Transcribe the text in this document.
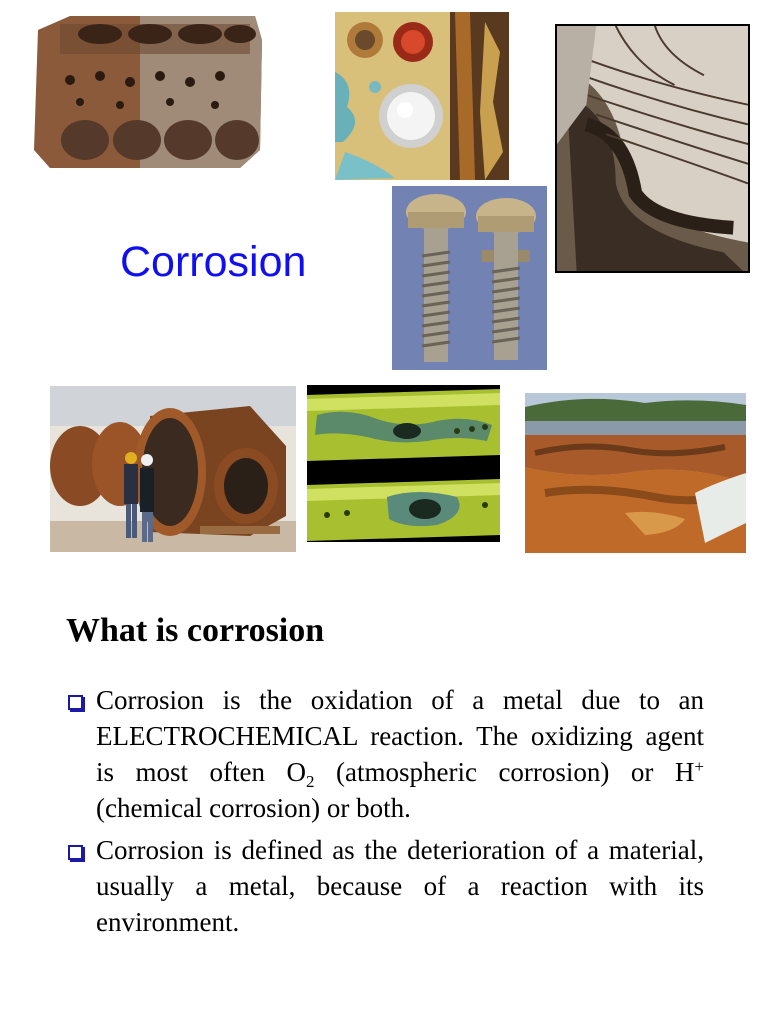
Corrosion
What is corrosion
Corrosion is the oxidation of a metal due to an ELECTROCHEMICAL reaction. The oxidizing agent is most often $O_2$ (atmospheric corrosion) or H+ (chemical corrosion) or both.
Corrosion is defined as the deterioration of a material, usually a metal, because of a reaction with its environment.
